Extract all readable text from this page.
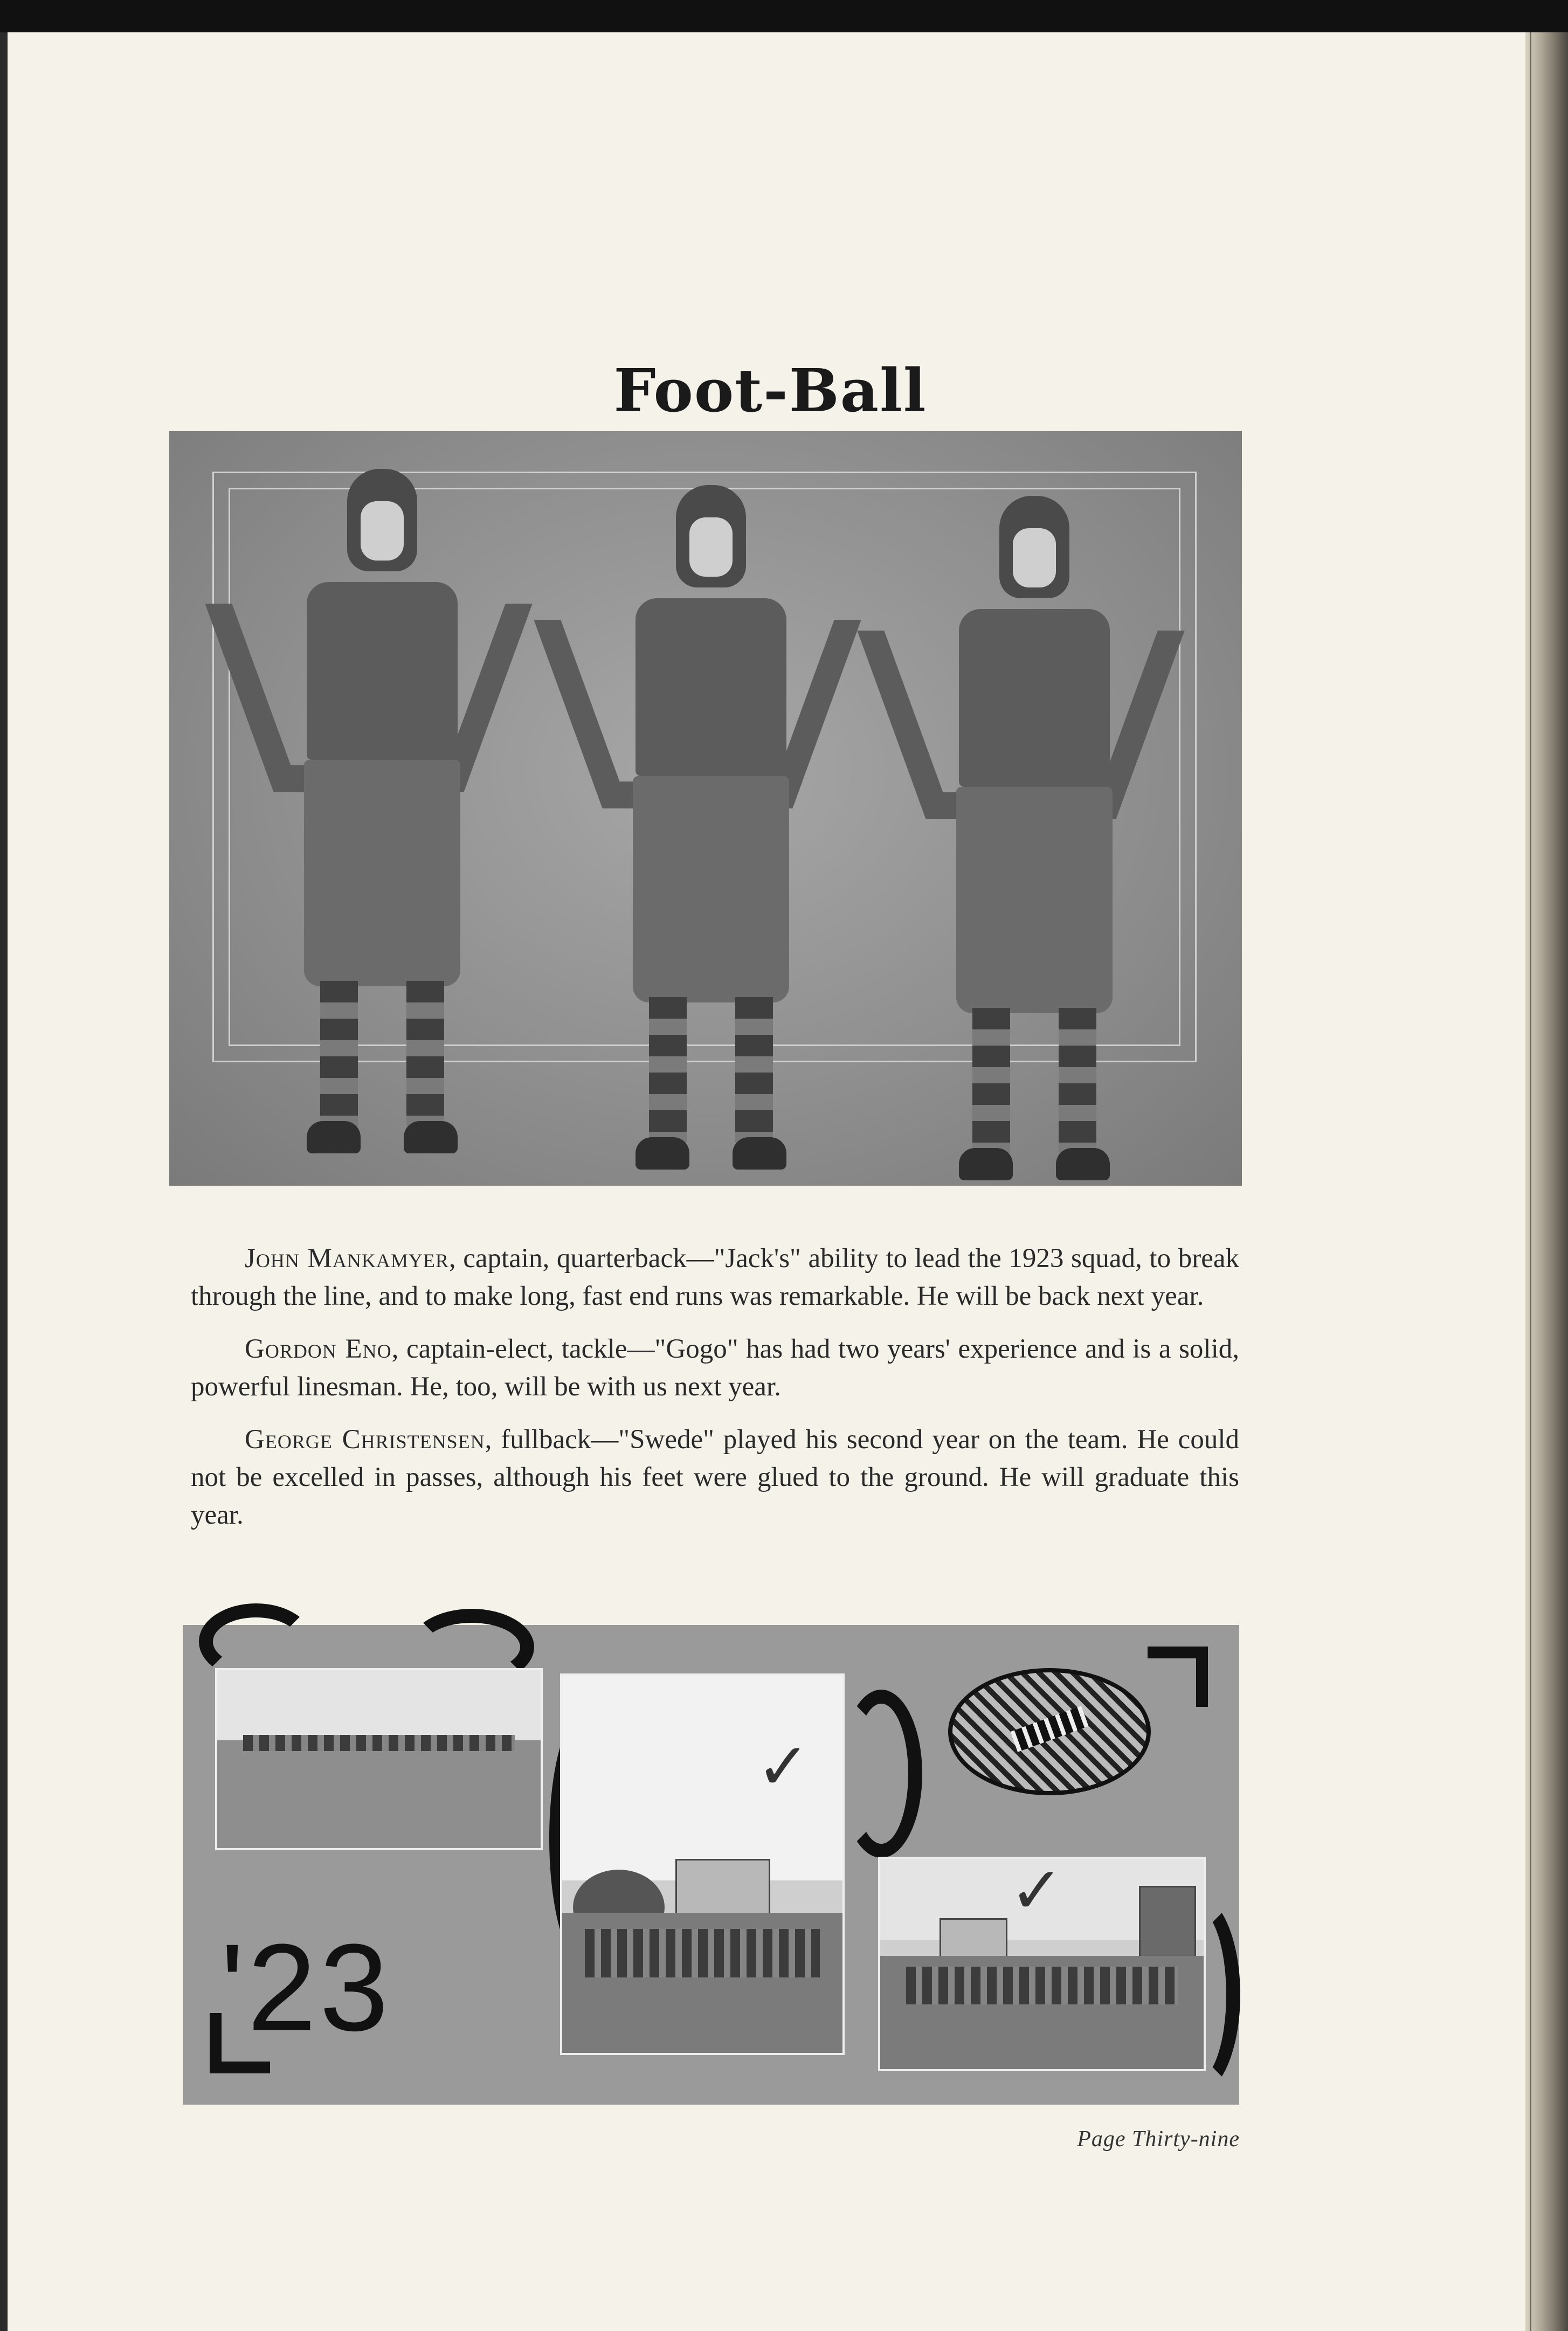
Foot-Ball

John Mankamyer, captain, quarterback—"Jack's" ability to lead the 1923 squad, to break through the line, and to make long, fast end runs was remarkable. He will be back next year.

Gordon Eno, captain-elect, tackle—"Gogo" has had two years' experience and is a solid, powerful linesman. He, too, will be with us next year.

George Christensen, fullback—"Swede" played his second year on the team. He could not be excelled in passes, although his feet were glued to the ground. He will graduate this year.

✓
✓
'23
Page Thirty-nine
